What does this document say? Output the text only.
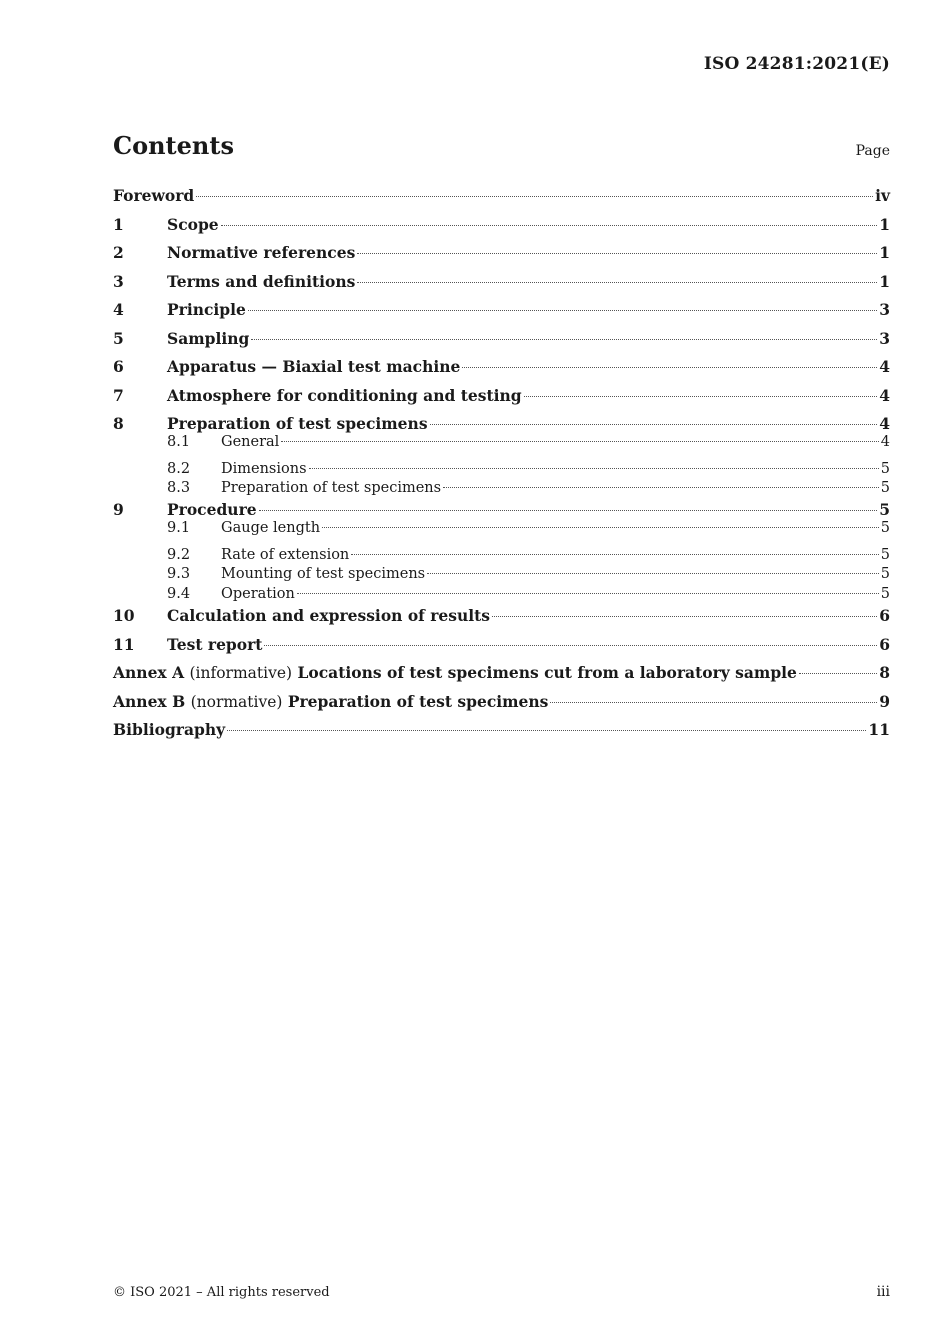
ISO 24281:2021(E)
Contents	Page
Foreword	iv
1	Scope	1
2	Normative references	1
3	Terms and definitions	1
4	Principle	3
5	Sampling	3
6	Apparatus — Biaxial test machine	4
7	Atmosphere for conditioning and testing	4
8	Preparation of test specimens	4
8.1	General	4
8.2	Dimensions	5
8.3	Preparation of test specimens	5
9	Procedure	5
9.1	Gauge length	5
9.2	Rate of extension	5
9.3	Mounting of test specimens	5
9.4	Operation	5
10	Calculation and expression of results	6
11	Test report	6
Annex A (informative) Locations of test specimens cut from a laboratory sample	8
Annex B (normative) Preparation of test specimens	9
Bibliography	11
© ISO 2021 – All rights reserved	iii
